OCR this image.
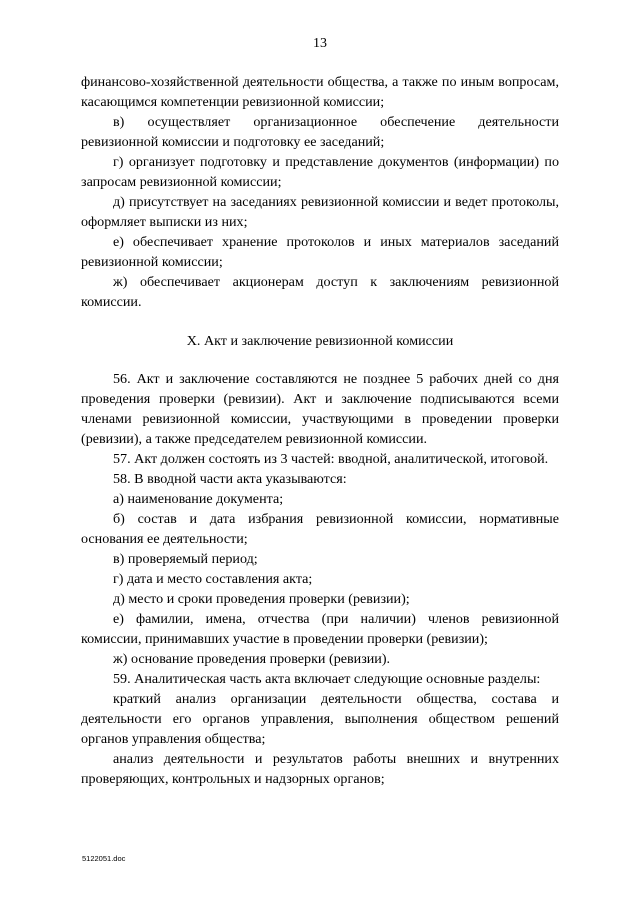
13

финансово-хозяйственной деятельности общества, а также по иным вопросам, касающимся компетенции ревизионной комиссии;

в) осуществляет организационное обеспечение деятельности ревизионной комиссии и подготовку ее заседаний;

г) организует подготовку и представление документов (информации) по запросам ревизионной комиссии;

д) присутствует на заседаниях ревизионной комиссии и ведет протоколы, оформляет выписки из них;

е) обеспечивает хранение протоколов и иных материалов заседаний ревизионной комиссии;

ж) обеспечивает акционерам доступ к заключениям ревизионной комиссии.

X. Акт и заключение ревизионной комиссии

56. Акт и заключение составляются не позднее 5 рабочих дней со дня проведения проверки (ревизии). Акт и заключение подписываются всеми членами ревизионной комиссии, участвующими в проведении проверки (ревизии), а также председателем ревизионной комиссии.

57. Акт должен состоять из 3 частей: вводной, аналитической, итоговой.

58. В вводной части акта указываются:

а) наименование документа;

б) состав и дата избрания ревизионной комиссии, нормативные основания ее деятельности;

в) проверяемый период;

г) дата и место составления акта;

д) место и сроки проведения проверки (ревизии);

е) фамилии, имена, отчества (при наличии) членов ревизионной комиссии, принимавших участие в проведении проверки (ревизии);

ж) основание проведения проверки (ревизии).

59. Аналитическая часть акта включает следующие основные разделы:

краткий анализ организации деятельности общества, состава и деятельности его органов управления, выполнения обществом решений органов управления общества;

анализ деятельности и результатов работы внешних и внутренних проверяющих, контрольных и надзорных органов;

5122051.doc
